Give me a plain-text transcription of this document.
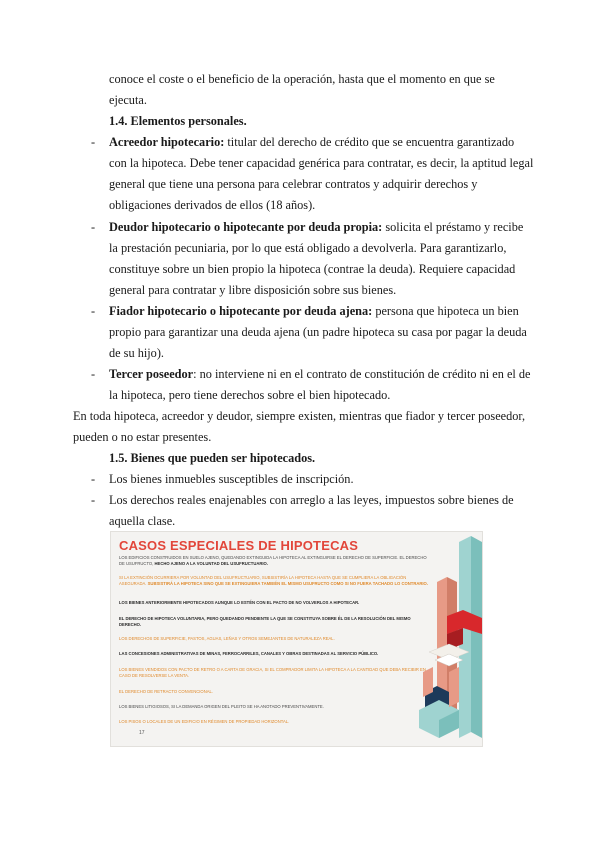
conoce el coste o el beneficio de la operación, hasta que el momento en que se
ejecuta.
1.4. Elementos personales.
- Acreedor hipotecario: titular del derecho de crédito que se encuentra garantizado
con la hipoteca. Debe tener capacidad genérica para contratar, es decir, la aptitud legal
general que tiene una persona para celebrar contratos y adquirir derechos y
obligaciones derivados de ellos (18 años).
- Deudor hipotecario o hipotecante por deuda propia: solicita el préstamo y recibe
la prestación pecuniaria, por lo que está obligado a devolverla. Para garantizarlo,
constituye sobre un bien propio la hipoteca (contrae la deuda). Requiere capacidad
general para contratar y libre disposición sobre sus bienes.
- Fiador hipotecario o hipotecante por deuda ajena: persona que hipoteca un bien
propio para garantizar una deuda ajena (un padre hipoteca su casa por pagar la deuda
de su hijo).
- Tercer poseedor: no interviene ni en el contrato de constitución de crédito ni en el de
la hipoteca, pero tiene derechos sobre el bien hipotecado.
En toda hipoteca, acreedor y deudor, siempre existen, mientras que fiador y tercer poseedor,
pueden o no estar presentes.
1.5. Bienes que pueden ser hipotecados.
- Los bienes inmuebles susceptibles de inscripción.
- Los derechos reales enajenables con arreglo a las leyes, impuestos sobre bienes de
aquella clase.
CASOS ESPECIALES DE HIPOTECAS
LOS EDIFICIOS CONSTRUIDOS EN SUELO AJENO, QUEDANDO EXTINGUIDA LA HIPOTECA AL EXTINGUIRSE EL DERECHO DE SUPERFICIE. EL DERECHO DE USUFRUCTO, HECHO AJENO A LA VOLUNTAD DEL USUFRUCTUARIO.
SI LA EXTINCIÓN OCURRIERA POR VOLUNTAD DEL USUFRUCTUARIO, SUBSISTIRÍA LA HIPOTECA HASTA QUE SE CUMPLIERA LA OBLIGACIÓN ASEGURADA. SUBSISTIRÁ LA HIPOTECA SINO QUE SE EXTINGUIERA TAMBIÉN EL MISMO USUFRUCTO COMO SI NO FUERA TACHADO LO CONTRARIO.
LOS BIENES ANTERIORMENTE HIPOTECADOS AUNQUE LO ESTÉN CON EL PACTO DE NO VOLVERLOS A HIPOTECAR.
EL DERECHO DE HIPOTECA VOLUNTARIA, PERO QUEDANDO PENDIENTE LA QUE SE CONSTITUYA SOBRE ÉL DE LA RESOLUCIÓN DEL MISMO DERECHO.
LOS DERECHOS DE SUPERFICIE, PASTOS, AGUAS, LEÑAS Y OTROS SEMEJANTES DE NATURALEZA REAL.
LAS CONCESIONES ADMINISTRATIVAS DE MINAS, FERROCARRILES, CANALES Y OBRAS DESTINADAS AL SERVICIO PÚBLICO.
LOS BIENES VENDIDOS CON PACTO DE RETRO O A CARTA DE GRACIA, SI EL COMPRADOR LIMITA LA HIPOTECA A LA CANTIDAD QUE DEBA RECIBIR EN CASO DE RESOLVERSE LA VENTA.
EL DERECHO DE RETRACTO CONVENCIONAL.
LOS BIENES LITIGIOSOS, SI LA DEMANDA ORIGEN DEL PLEITO SE HA ANOTADO PREVENTIVAMENTE.
LOS PISOS O LOCALES DE UN EDIFICIO EN RÉGIMEN DE PROPIEDAD HORIZONTAL.
17
